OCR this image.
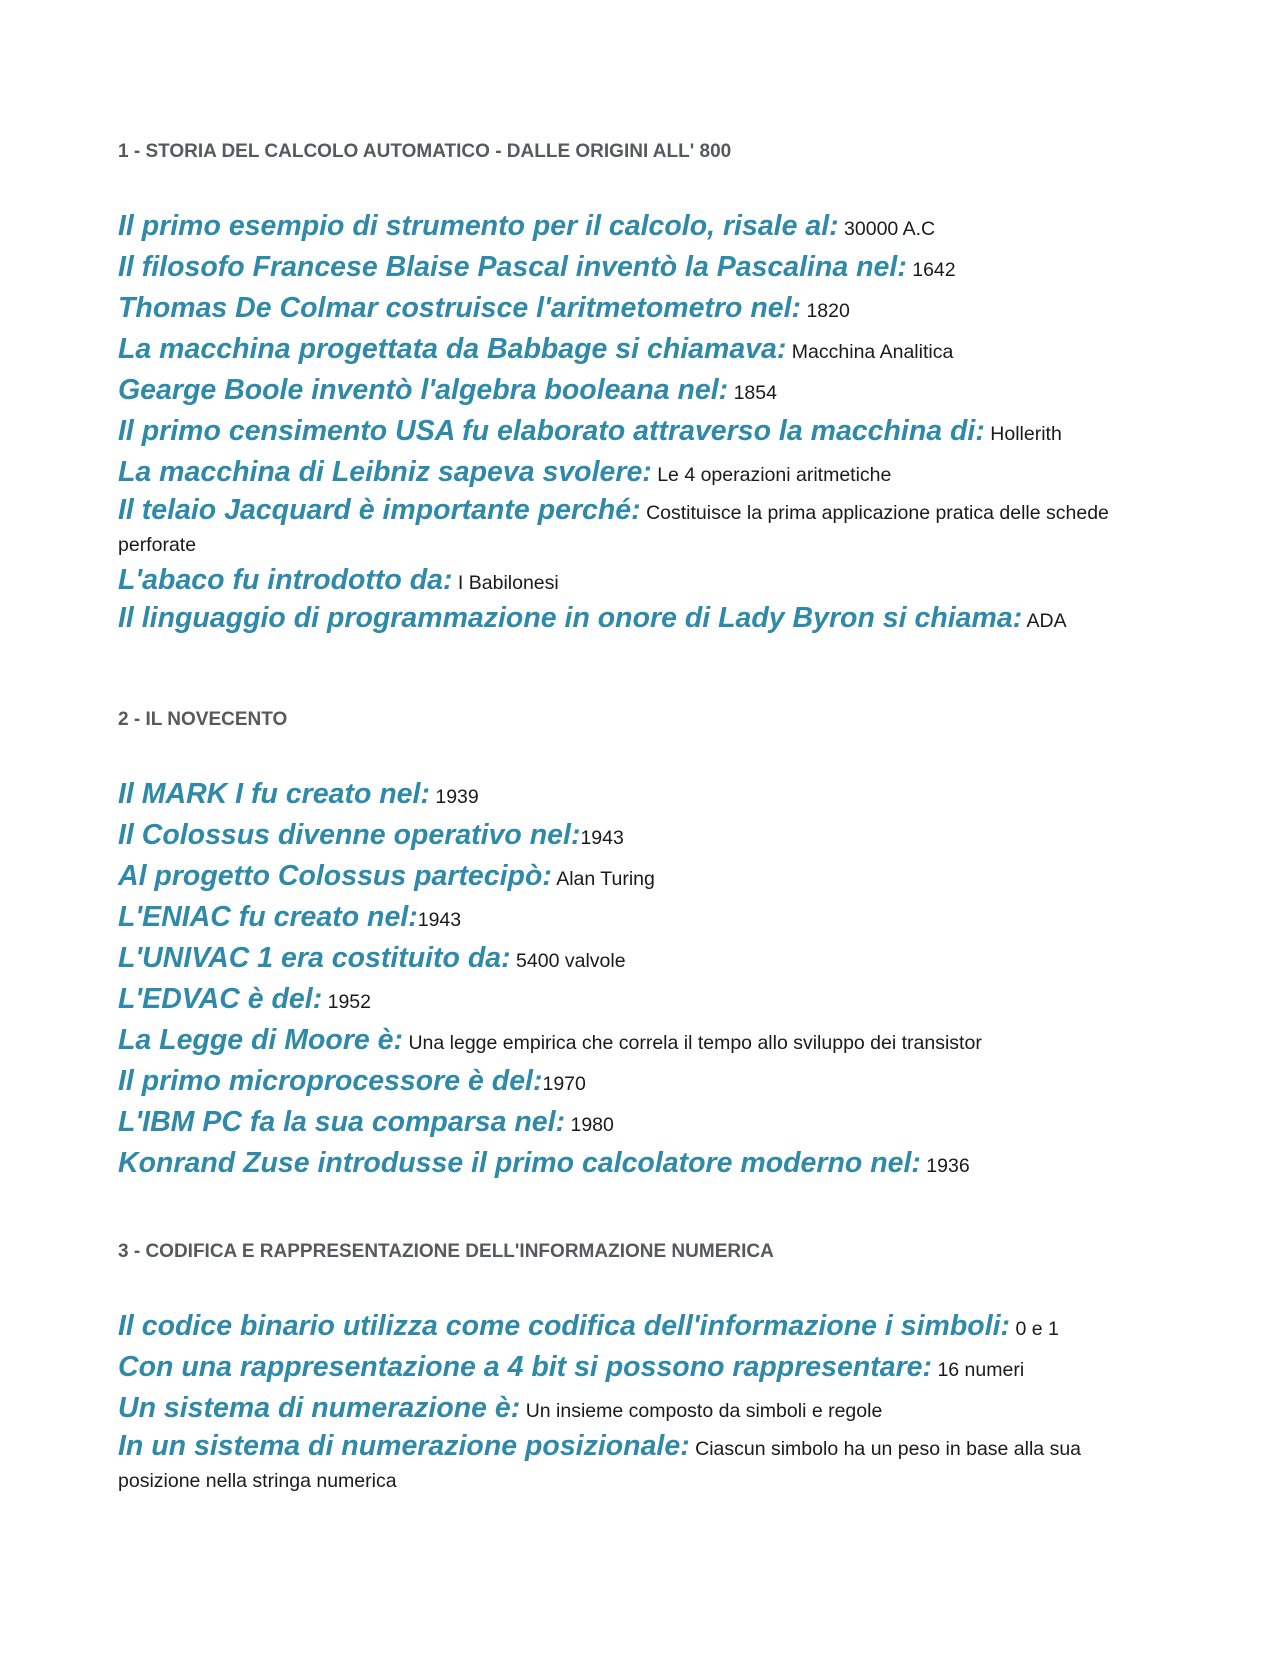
1 - STORIA DEL CALCOLO AUTOMATICO - DALLE ORIGINI ALL' 800
Il primo esempio di strumento per il calcolo, risale al: 30000 A.C
Il filosofo Francese Blaise Pascal inventò la Pascalina nel: 1642
Thomas De Colmar costruisce l'aritmetometro nel: 1820
La macchina progettata da Babbage si chiamava: Macchina Analitica
Gearge Boole inventò l'algebra booleana nel: 1854
Il primo censimento USA fu elaborato attraverso la macchina di: Hollerith
La macchina di Leibniz sapeva svolere: Le 4 operazioni aritmetiche
Il telaio Jacquard è importante perché: Costituisce la prima applicazione pratica delle schede perforate
L'abaco fu introdotto da: I Babilonesi
Il linguaggio di programmazione in onore di Lady Byron si chiama: ADA
2 - IL NOVECENTO
Il MARK I fu creato nel: 1939
Il Colossus divenne operativo nel:1943
Al progetto Colossus partecipò: Alan Turing
L'ENIAC fu creato nel:1943
L'UNIVAC 1 era costituito da: 5400 valvole
L'EDVAC è del: 1952
La Legge di Moore è: Una legge empirica che correla il tempo allo sviluppo dei transistor
Il primo microprocessore è del:1970
L'IBM PC fa la sua comparsa nel: 1980
Konrand Zuse introdusse il primo calcolatore moderno nel: 1936
3 - CODIFICA E RAPPRESENTAZIONE DELL'INFORMAZIONE NUMERICA
Il codice binario utilizza come codifica dell'informazione i simboli: 0 e 1
Con una rappresentazione a 4 bit si possono rappresentare: 16 numeri
Un sistema di numerazione è: Un insieme composto da simboli e regole
In un sistema di numerazione posizionale: Ciascun simbolo ha un peso in base alla sua posizione nella stringa numerica
